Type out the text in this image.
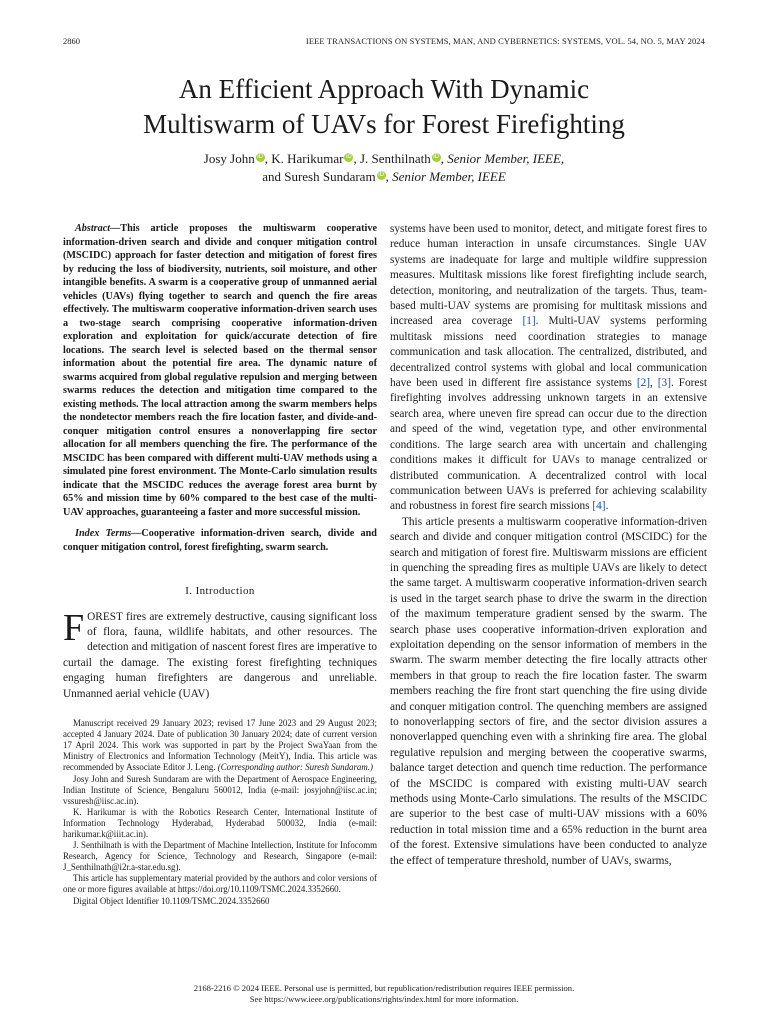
2860	IEEE TRANSACTIONS ON SYSTEMS, MAN, AND CYBERNETICS: SYSTEMS, VOL. 54, NO. 5, MAY 2024
An Efficient Approach With Dynamic
Multiswarm of UAVs for Forest Firefighting
Josy John iD , K. Harikumar iD , J. Senthilnath iD , Senior Member, IEEE,
and Suresh Sundaram iD , Senior Member, IEEE

Abstract—This article proposes the multiswarm cooperative information-driven search and divide and conquer mitigation control (MSCIDC) approach for faster detection and mitigation of forest fires by reducing the loss of biodiversity, nutrients, soil moisture, and other intangible benefits. A swarm is a cooperative group of unmanned aerial vehicles (UAVs) flying together to search and quench the fire areas effectively. The multiswarm cooperative information-driven search uses a two-stage search comprising cooperative information-driven exploration and exploitation for quick/accurate detection of fire locations. The search level is selected based on the thermal sensor information about the potential fire area. The dynamic nature of swarms acquired from global regulative repulsion and merging between swarms reduces the detection and mitigation time compared to the existing methods. The local attraction among the swarm members helps the nondetector members reach the fire location faster, and divide-and-conquer mitigation control ensures a nonoverlapping fire sector allocation for all members quenching the fire. The performance of the MSCIDC has been compared with different multi-UAV methods using a simulated pine forest environment. The Monte-Carlo simulation results indicate that the MSCIDC reduces the average forest area burnt by 65% and mission time by 60% compared to the best case of the multi-UAV approaches, guaranteeing a faster and more successful mission.

Index Terms—Cooperative information-driven search, divide and conquer mitigation control, forest firefighting, swarm search.

I. Introduction

FOREST fires are extremely destructive, causing significant loss of flora, fauna, wildlife habitats, and other resources. The detection and mitigation of nascent forest fires are imperative to curtail the damage. The existing forest firefighting techniques engaging human firefighters are dangerous and unreliable. Unmanned aerial vehicle (UAV)

Manuscript received 29 January 2023; revised 17 June 2023 and 29 August 2023; accepted 4 January 2024. Date of publication 30 January 2024; date of current version 17 April 2024. This work was supported in part by the Project SwaYaan from the Ministry of Electronics and Information Technology (MeitY), India. This article was recommended by Associate Editor J. Leng. (Corresponding author: Suresh Sundaram.)

Josy John and Suresh Sundaram are with the Department of Aerospace Engineering, Indian Institute of Science, Bengaluru 560012, India (e-mail: josyjohn@iisc.ac.in; vssuresh@iisc.ac.in).

K. Harikumar is with the Robotics Research Center, International Institute of Information Technology Hyderabad, Hyderabad 500032, India (e-mail: harikumar.k@iiit.ac.in).

J. Senthilnath is with the Department of Machine Intellection, Institute for Infocomm Research, Agency for Science, Technology and Research, Singapore (e-mail: J_Senthilnath@i2r.a-star.edu.sg).

This article has supplementary material provided by the authors and color versions of one or more figures available at https://doi.org/10.1109/TSMC.2024.3352660.

Digital Object Identifier 10.1109/TSMC.2024.3352660

systems have been used to monitor, detect, and mitigate forest fires to reduce human interaction in unsafe circumstances. Single UAV systems are inadequate for large and multiple wildfire suppression measures. Multitask missions like forest firefighting include search, detection, monitoring, and neutralization of the targets. Thus, team-based multi-UAV systems are promising for multitask missions and increased area coverage [1]. Multi-UAV systems performing multitask missions need coordination strategies to manage communication and task allocation. The centralized, distributed, and decentralized control systems with global and local communication have been used in different fire assistance systems [2], [3]. Forest firefighting involves addressing unknown targets in an extensive search area, where uneven fire spread can occur due to the direction and speed of the wind, vegetation type, and other environmental conditions. The large search area with uncertain and challenging conditions makes it difficult for UAVs to manage centralized or distributed communication. A decentralized control with local communication between UAVs is preferred for achieving scalability and robustness in forest fire search missions [4].

This article presents a multiswarm cooperative information-driven search and divide and conquer mitigation control (MSCIDC) for the search and mitigation of forest fire. Multiswarm missions are efficient in quenching the spreading fires as multiple UAVs are likely to detect the same target. A multiswarm cooperative information-driven search is used in the target search phase to drive the swarm in the direction of the maximum temperature gradient sensed by the swarm. The search phase uses cooperative information-driven exploration and exploitation depending on the sensor information of members in the swarm. The swarm member detecting the fire locally attracts other members in that group to reach the fire location faster. The swarm members reaching the fire front start quenching the fire using divide and conquer mitigation control. The quenching members are assigned to nonoverlapping sectors of fire, and the sector division assures a nonoverlapped quenching even with a shrinking fire area. The global regulative repulsion and merging between the cooperative swarms, balance target detection and quench time reduction. The performance of the MSCIDC is compared with existing multi-UAV search methods using Monte-Carlo simulations. The results of the MSCIDC are superior to the best case of multi-UAV missions with a 60% reduction in total mission time and a 65% reduction in the burnt area of the forest. Extensive simulations have been conducted to analyze the effect of temperature threshold, number of UAVs, swarms,

2168-2216 © 2024 IEEE. Personal use is permitted, but republication/redistribution requires IEEE permission.
See https://www.ieee.org/publications/rights/index.html for more information.
